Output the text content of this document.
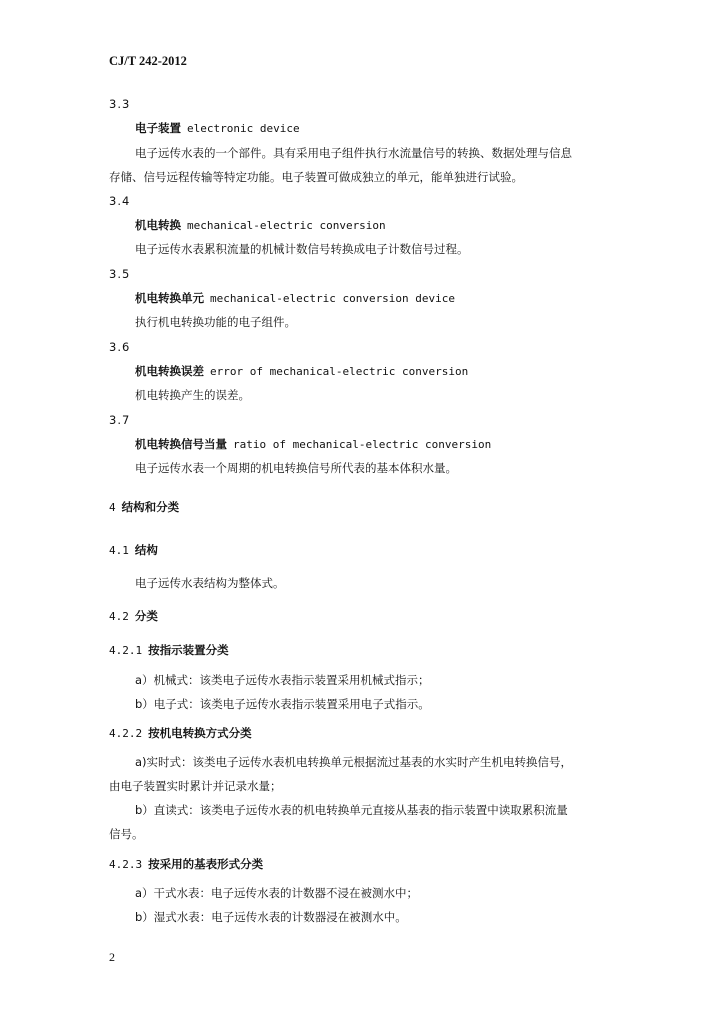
CJ/T 242-2012
3.3
电子装置 electronic device
电子远传水表的一个部件。具有采用电子组件执行水流量信号的转换、数据处理与信息
存储、信号远程传输等特定功能。电子装置可做成独立的单元，能单独进行试验。
3.4
机电转换 mechanical-electric conversion
电子远传水表累积流量的机械计数信号转换成电子计数信号过程。
3.5
机电转换单元 mechanical-electric conversion device
执行机电转换功能的电子组件。
3.6
机电转换误差 error of mechanical-electric conversion
机电转换产生的误差。
3.7
机电转换信号当量 ratio of mechanical-electric conversion
电子远传水表一个周期的机电转换信号所代表的基本体积水量。
4 结构和分类
4.1 结构
电子远传水表结构为整体式。
4.2 分类
4.2.1 按指示装置分类
a）机械式：该类电子远传水表指示装置采用机械式指示；
b）电子式：该类电子远传水表指示装置采用电子式指示。
4.2.2 按机电转换方式分类
a)实时式：该类电子远传水表机电转换单元根据流过基表的水实时产生机电转换信号，
由电子装置实时累计并记录水量；
b）直读式：该类电子远传水表的机电转换单元直接从基表的指示装置中读取累积流量
信号。
4.2.3 按采用的基表形式分类
a）干式水表：电子远传水表的计数器不浸在被测水中；
b）湿式水表：电子远传水表的计数器浸在被测水中。
2
